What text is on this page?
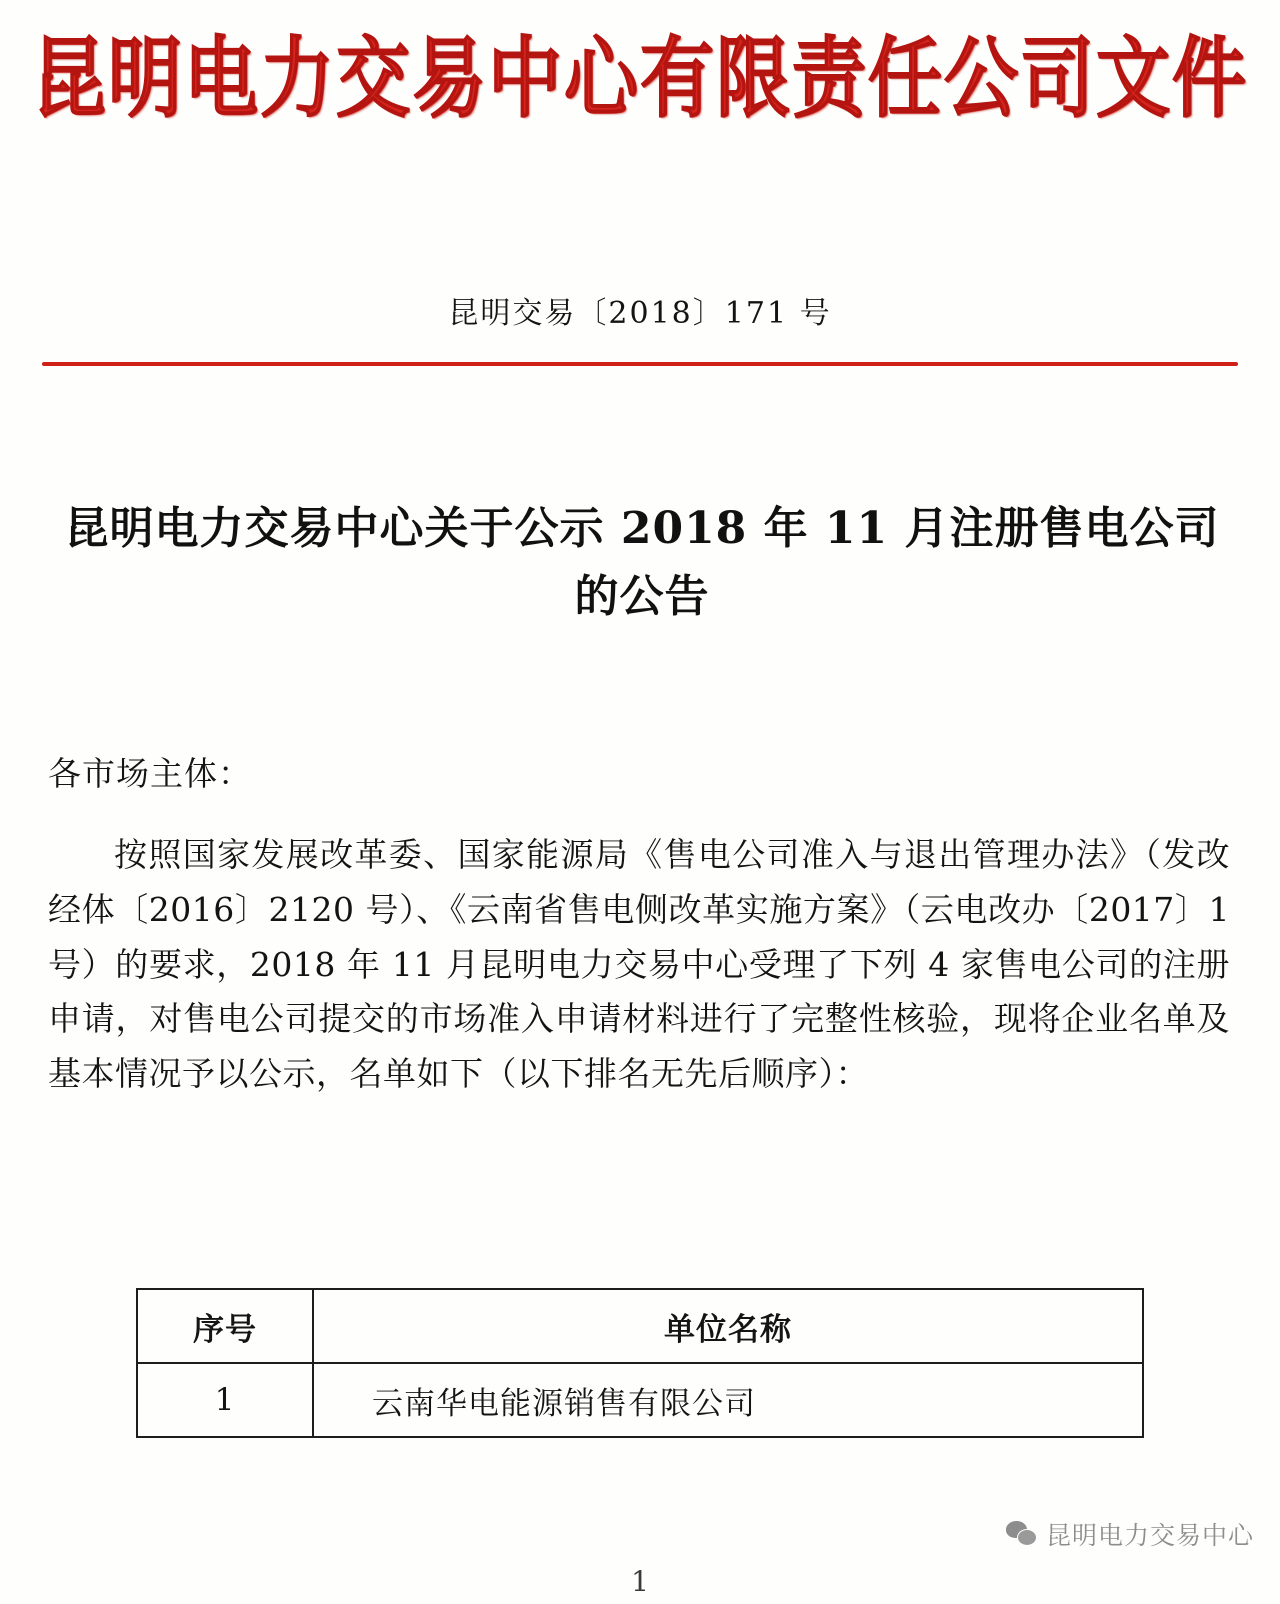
昆明电力交易中心有限责任公司文件
昆明交易〔2018〕171 号
昆明电力交易中心关于公示 2018 年 11 月注册售电公司的公告
各市场主体：
按照国家发展改革委、国家能源局《售电公司准入与退出管理办法》（发改经体〔2016〕2120 号）、《云南省售电侧改革实施方案》（云电改办〔2017〕1 号）的要求，2018 年 11 月昆明电力交易中心受理了下列 4 家售电公司的注册申请，对售电公司提交的市场准入申请材料进行了完整性核验，现将企业名单及基本情况予以公示，名单如下（以下排名无先后顺序）：
序号	单位名称
1	云南华电能源销售有限公司
昆明电力交易中心
1
